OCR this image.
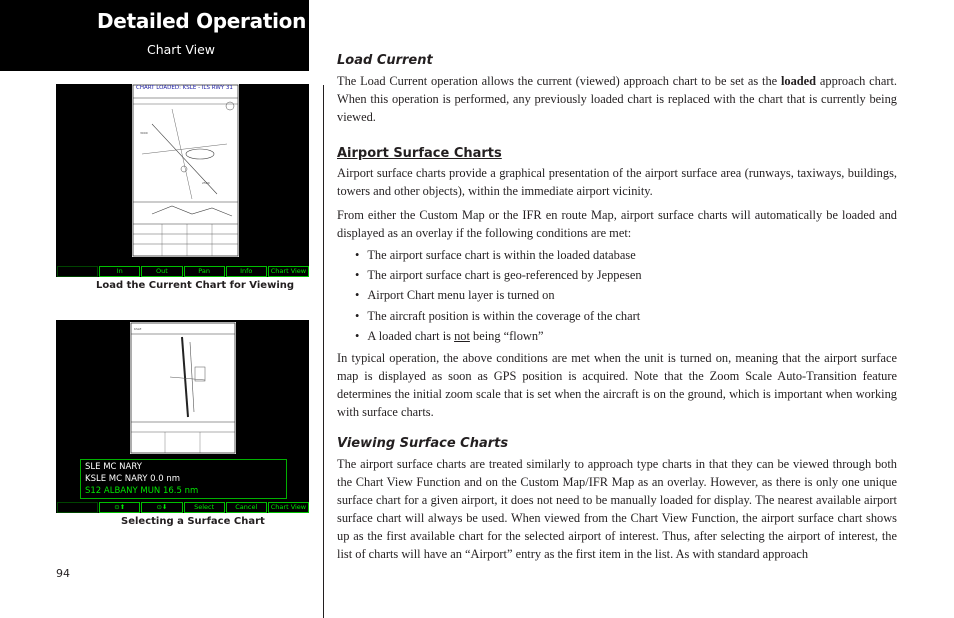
Detailed Operation
Chart View
3000
2500
CHART LOADED: KSLE - ILS RWY 31
In	Out	Pan	Info	Chart View
Load the Current Chart for Viewing
KSLE
SLE MC NARY
KSLE MC NARY 0.0 nm
S12 ALBANY MUN 16.5 nm
⊙⬆	⊙⬇	Select	Cancel	Chart View
Selecting a Surface Chart
94
Load Current
The Load Current operation allows the current (viewed) approach chart to be set as the loaded approach chart. When this operation is performed, any previously loaded chart is replaced with the chart that is currently being viewed.
Airport Surface Charts
Airport surface charts provide a graphical presentation of the airport surface area (runways, taxiways, buildings, towers and other objects), within the immediate airport vicinity.
From either the Custom Map or the IFR en route Map, airport surface charts will automatically be loaded and displayed as an overlay if the following conditions are met:
• The airport surface chart is within the loaded database
• The airport surface chart is geo-referenced by Jeppesen
• Airport Chart menu layer is turned on
• The aircraft position is within the coverage of the chart
• A loaded chart is not being “flown”
In typical operation, the above conditions are met when the unit is turned on, meaning that the airport surface map is displayed as soon as GPS position is acquired. Note that the Zoom Scale Auto-Transition feature determines the initial zoom scale that is set when the aircraft is on the ground, which is important when working with surface charts.
Viewing Surface Charts
The airport surface charts are treated similarly to approach type charts in that they can be viewed through both the Chart View Function and on the Custom Map/IFR Map as an overlay. However, as there is only one unique surface chart for a given airport, it does not need to be manually loaded for display. The nearest available airport surface chart will always be used. When viewed from the Chart View Function, the airport surface chart shows up as the first available chart for the selected airport of interest. Thus, after selecting the airport of interest, the list of charts will have an “Airport” entry as the first item in the list. As with standard approach
